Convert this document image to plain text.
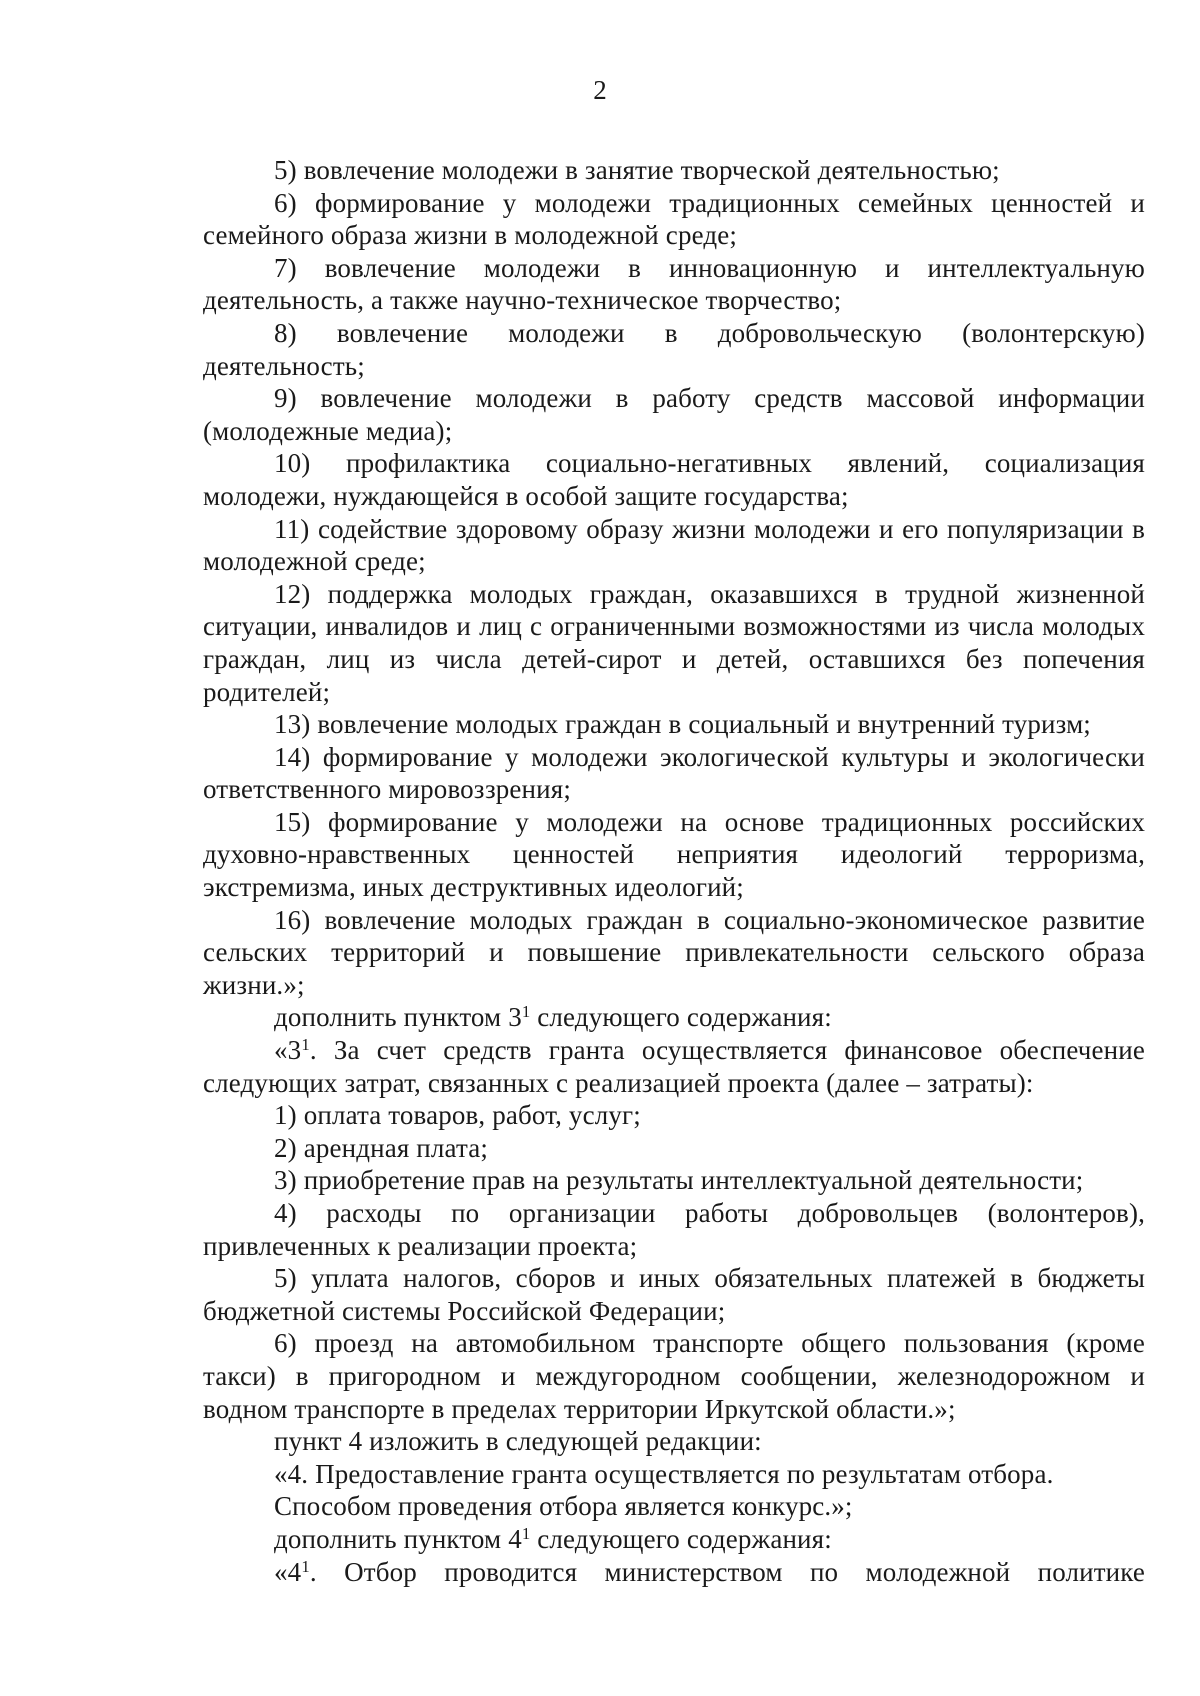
2

5) вовлечение молодежи в занятие творческой деятельностью;

6) формирование у молодежи традиционных семейных ценностей и семейного образа жизни в молодежной среде;

7) вовлечение молодежи в инновационную и интеллектуальную деятельность, а также научно-техническое творчество;

8) вовлечение молодежи в добровольческую (волонтерскую) деятельность;

9) вовлечение молодежи в работу средств массовой информации (молодежные медиа);

10) профилактика социально-негативных явлений, социализация молодежи, нуждающейся в особой защите государства;

11) содействие здоровому образу жизни молодежи и его популяризации в молодежной среде;

12) поддержка молодых граждан, оказавшихся в трудной жизненной ситуации, инвалидов и лиц с ограниченными возможностями из числа молодых граждан, лиц из числа детей-сирот и детей, оставшихся без попечения родителей;

13) вовлечение молодых граждан в социальный и внутренний туризм;

14) формирование у молодежи экологической культуры и экологически ответственного мировоззрения;

15) формирование у молодежи на основе традиционных российских духовно-нравственных ценностей неприятия идеологий терроризма, экстремизма, иных деструктивных идеологий;

16) вовлечение молодых граждан в социально-экономическое развитие сельских территорий и повышение привлекательности сельского образа жизни.»;

дополнить пунктом $3^1$ следующего содержания:

«$3^1$. За счет средств гранта осуществляется финансовое обеспечение следующих затрат, связанных с реализацией проекта (далее – затраты):

1) оплата товаров, работ, услуг;

2) арендная плата;

3) приобретение прав на результаты интеллектуальной деятельности;

4) расходы по организации работы добровольцев (волонтеров), привлеченных к реализации проекта;

5) уплата налогов, сборов и иных обязательных платежей в бюджеты бюджетной системы Российской Федерации;

6) проезд на автомобильном транспорте общего пользования (кроме такси) в пригородном и междугородном сообщении, железнодорожном и водном транспорте в пределах территории Иркутской области.»;

пункт 4 изложить в следующей редакции:

«4. Предоставление гранта осуществляется по результатам отбора.

Способом проведения отбора является конкурс.»;

дополнить пунктом $4^1$ следующего содержания:

«$4^1$. Отбор проводится министерством по молодежной политике
